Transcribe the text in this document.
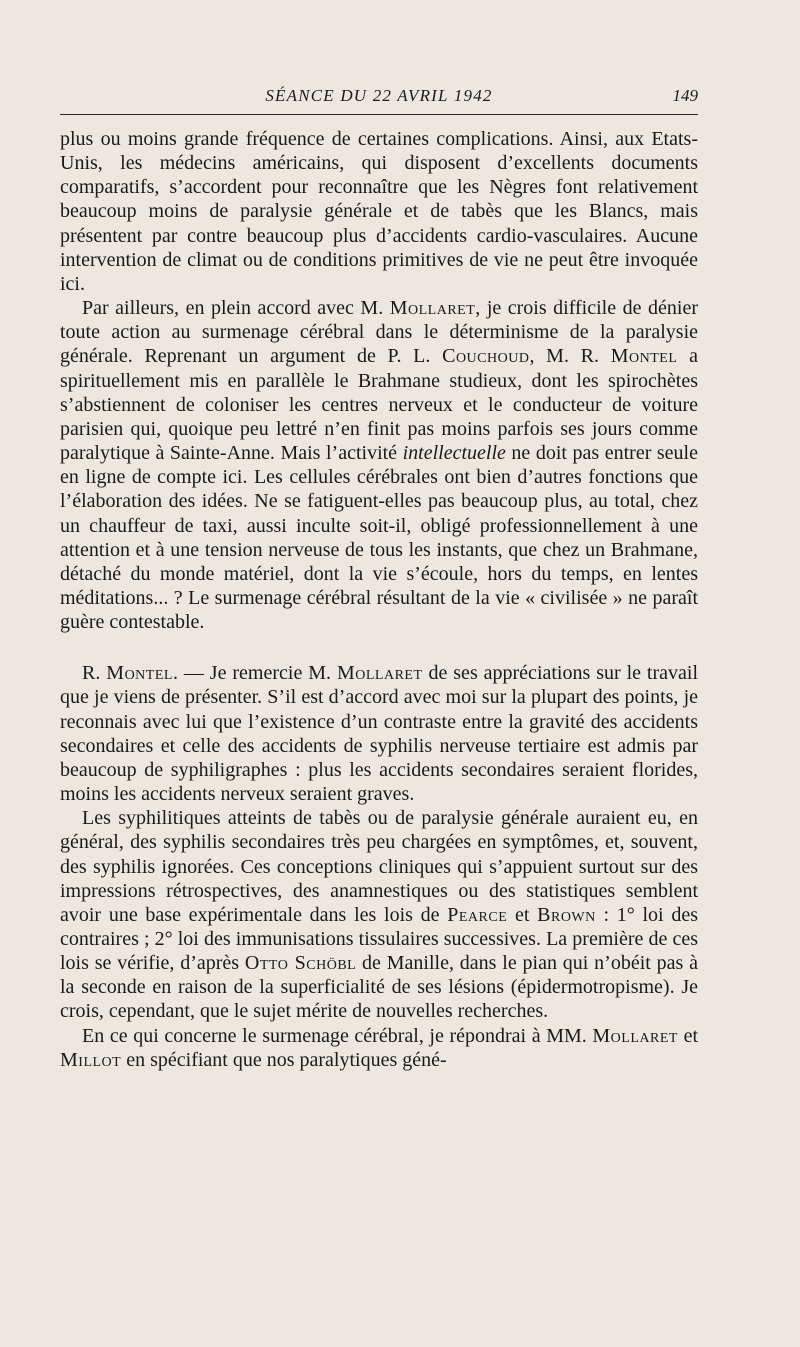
SÉANCE DU 22 AVRIL 1942	149

plus ou moins grande fréquence de certaines complications. Ainsi, aux Etats-Unis, les médecins américains, qui disposent d’excellents documents comparatifs, s’accordent pour reconnaître que les Nègres font relativement beaucoup moins de paralysie générale et de tabès que les Blancs, mais présentent par contre beaucoup plus d’accidents cardio-vasculaires. Aucune intervention de climat ou de conditions primitives de vie ne peut être invoquée ici.

Par ailleurs, en plein accord avec M. Mollaret, je crois difficile de dénier toute action au surmenage cérébral dans le déterminisme de la paralysie générale. Reprenant un argument de P. L. Couchoud, M. R. Montel a spirituellement mis en parallèle le Brahmane studieux, dont les spirochètes s’abstiennent de coloniser les centres nerveux et le conducteur de voiture parisien qui, quoique peu lettré n’en finit pas moins parfois ses jours comme paralytique à Sainte-Anne. Mais l’activité intellectuelle ne doit pas entrer seule en ligne de compte ici. Les cellules cérébrales ont bien d’autres fonctions que l’élaboration des idées. Ne se fatiguent-elles pas beaucoup plus, au total, chez un chauffeur de taxi, aussi inculte soit-il, obligé professionnellement à une attention et à une tension nerveuse de tous les instants, que chez un Brahmane, détaché du monde matériel, dont la vie s’écoule, hors du temps, en lentes méditations... ? Le surmenage cérébral résultant de la vie « civilisée » ne paraît guère contestable.

R. Montel. — Je remercie M. Mollaret de ses appréciations sur le travail que je viens de présenter. S’il est d’accord avec moi sur la plupart des points, je reconnais avec lui que l’existence d’un contraste entre la gravité des accidents secondaires et celle des accidents de syphilis nerveuse tertiaire est admis par beaucoup de syphiligraphes : plus les accidents secondaires seraient florides, moins les accidents nerveux seraient graves.

Les syphilitiques atteints de tabès ou de paralysie générale auraient eu, en général, des syphilis secondaires très peu chargées en symptômes, et, souvent, des syphilis ignorées. Ces conceptions cliniques qui s’appuient surtout sur des impressions rétrospectives, des anamnestiques ou des statistiques semblent avoir une base expérimentale dans les lois de Pearce et Brown : 1° loi des contraires ; 2° loi des immunisations tissulaires successives. La première de ces lois se vérifie, d’après Otto Schöbl de Manille, dans le pian qui n’obéit pas à la seconde en raison de la superficialité de ses lésions (épidermotropisme). Je crois, cependant, que le sujet mérite de nouvelles recherches.

En ce qui concerne le surmenage cérébral, je répondrai à MM. Mollaret et Millot en spécifiant que nos paralytiques géné-
